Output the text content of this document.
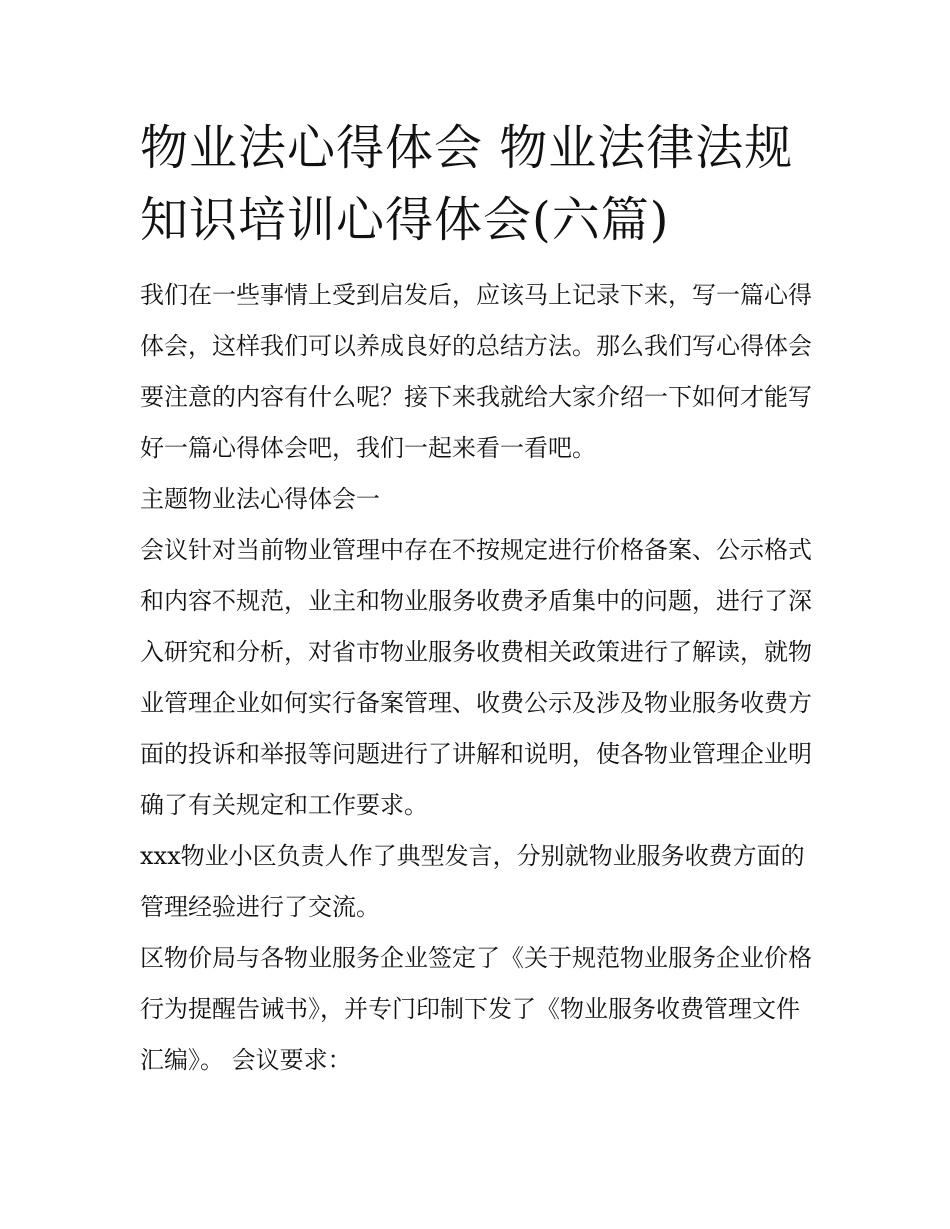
物业法心得体会 物业法律法规知识培训心得体会(六篇)

我们在一些事情上受到启发后，应该马上记录下来，写一篇心得体会，这样我们可以养成良好的总结方法。那么我们写心得体会要注意的内容有什么呢？接下来我就给大家介绍一下如何才能写好一篇心得体会吧，我们一起来看一看吧。

主题物业法心得体会一

会议针对当前物业管理中存在不按规定进行价格备案、公示格式和内容不规范，业主和物业服务收费矛盾集中的问题，进行了深入研究和分析，对省市物业服务收费相关政策进行了解读，就物业管理企业如何实行备案管理、收费公示及涉及物业服务收费方面的投诉和举报等问题进行了讲解和说明，使各物业管理企业明确了有关规定和工作要求。

xxx物业小区负责人作了典型发言，分别就物业服务收费方面的管理经验进行了交流。

区物价局与各物业服务企业签定了《关于规范物业服务企业价格行为提醒告诫书》，并专门印制下发了《物业服务收费管理文件汇编》。 会议要求：
